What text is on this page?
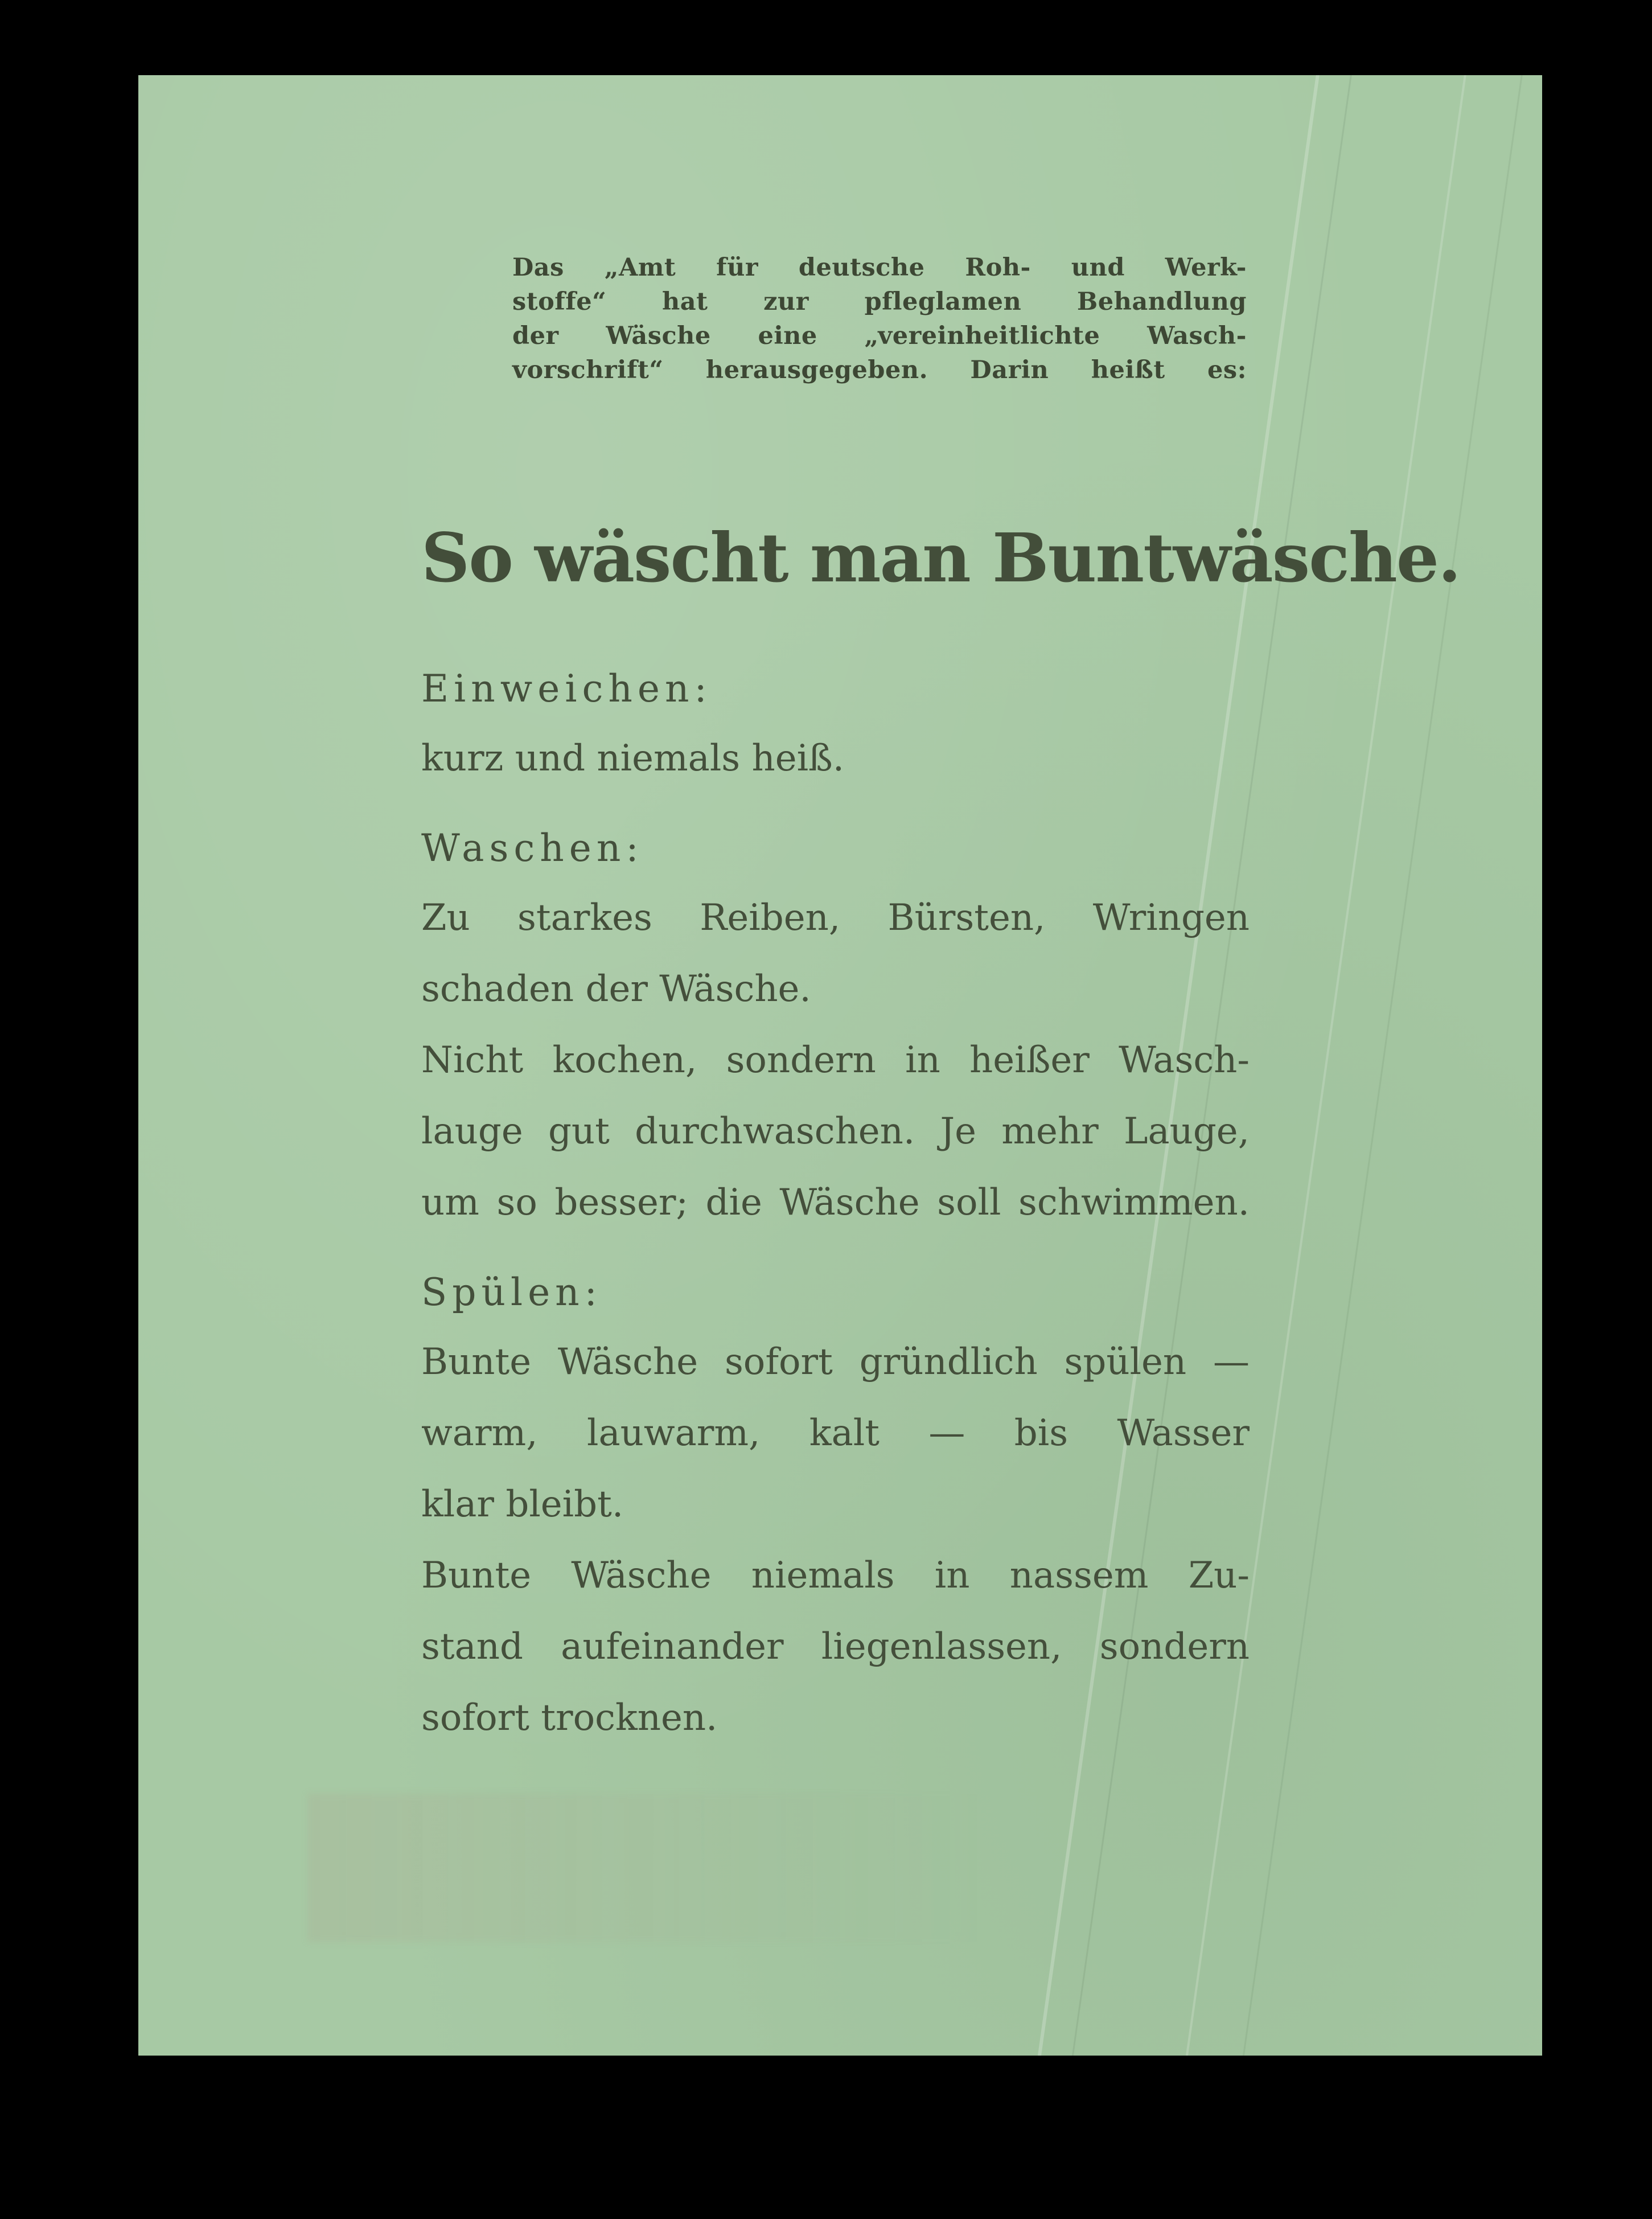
Das „Amt für deutsche Roh- und Werk-
stoffe“ hat zur pfleglamen Behandlung
der Wäsche eine „vereinheitlichte Wasch-
vorschrift“ herausgegeben. Darin heißt es:
So wäscht man Buntwäsche.
Einweichen:
kurz und niemals heiß.
Waschen:
Zu starkes Reiben, Bürsten, Wringen
schaden der Wäsche.
Nicht kochen, sondern in heißer Wasch-
lauge gut durchwaschen. Je mehr Lauge,
um so besser; die Wäsche soll schwimmen.
Spülen:
Bunte Wäsche sofort gründlich spülen —
warm, lauwarm, kalt — bis Wasser
klar bleibt.
Bunte Wäsche niemals in nassem Zu-
stand aufeinander liegenlassen, sondern
sofort trocknen.
